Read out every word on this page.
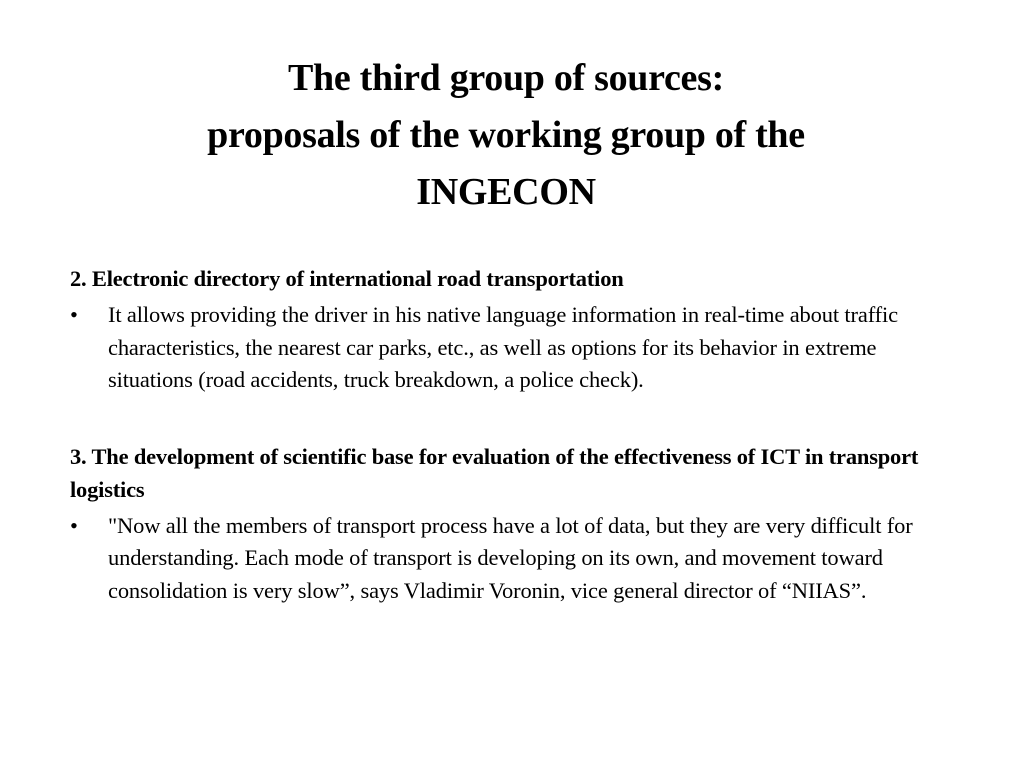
The third group of sources:
proposals of the working group of the
INGECON

2. Electronic directory of international road transportation

• It allows providing the driver in his native language information in real-time about traffic characteristics, the nearest car parks, etc., as well as options for its behavior in extreme situations (road accidents, truck breakdown, a police check).

3. The development of scientific base for evaluation of the effectiveness of ICT in transport logistics

• "Now all the members of transport process have a lot of data, but they are very difficult for understanding. Each mode of transport is developing on its own, and movement toward consolidation is very slow”, says Vladimir Voronin, vice general director of “NIIAS”.
